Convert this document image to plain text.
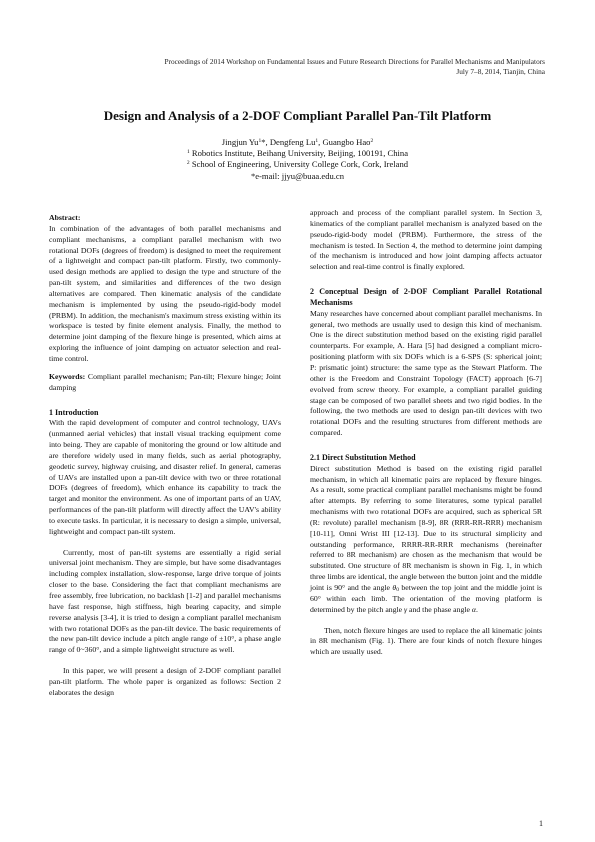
Proceedings of 2014 Workshop on Fundamental Issues and Future Research Directions for Parallel Mechanisms and Manipulators
July 7–8, 2014, Tianjin, China
Design and Analysis of a 2-DOF Compliant Parallel Pan-Tilt Platform
Jingjun Yu$^1$*, Dengfeng Lu$^1$, Guangbo Hao$^2$
$^1$ Robotics Institute, Beihang University, Beijing, 100191, China
$^2$ School of Engineering, University College Cork, Cork, Ireland
*e-mail: jjyu@buaa.edu.cn

Abstract:

In combination of the advantages of both parallel mechanisms and compliant mechanisms, a compliant parallel mechanism with two rotational DOFs (degrees of freedom) is designed to meet the requirement of a lightweight and compact pan-tilt platform. Firstly, two commonly-used design methods are applied to design the type and structure of the pan-tilt system, and similarities and differences of the two design alternatives are compared. Then kinematic analysis of the candidate mechanism is implemented by using the pseudo-rigid-body model (PRBM). In addition, the mechanism's maximum stress existing within its workspace is tested by finite element analysis. Finally, the method to determine joint damping of the flexure hinge is presented, which aims at exploring the influence of joint damping on actuator selection and real-time control.

Keywords: Compliant parallel mechanism; Pan-tilt; Flexure hinge; Joint damping

1 Introduction

With the rapid development of computer and control technology, UAVs (unmanned aerial vehicles) that install visual tracking equipment come into being. They are capable of monitoring the ground or low altitude and are therefore widely used in many fields, such as aerial photography, geodetic survey, highway cruising, and disaster relief. In general, cameras of UAVs are installed upon a pan-tilt device with two or three rotational DOFs (degrees of freedom), which enhance its capability to track the target and monitor the environment. As one of important parts of an UAV, performances of the pan-tilt platform will directly affect the UAV's ability to execute tasks. In particular, it is necessary to design a simple, universal, lightweight and compact pan-tilt system.

Currently, most of pan-tilt systems are essentially a rigid serial universal joint mechanism. They are simple, but have some disadvantages including complex installation, slow-response, large drive torque of joints closer to the base. Considering the fact that compliant mechanisms are free assembly, free lubrication, no backlash [1-2] and parallel mechanisms have fast response, high stiffness, high bearing capacity, and simple reverse analysis [3-4], it is tried to design a compliant parallel mechanism with two rotational DOFs as the pan-tilt device. The basic requirements of the new pan-tilt device include a pitch angle range of ±10°, a phase angle range of 0~360°, and a simple lightweight structure as well.

In this paper, we will present a design of 2-DOF compliant parallel pan-tilt platform. The whole paper is organized as follows: Section 2 elaborates the design

approach and process of the compliant parallel system. In Section 3, kinematics of the compliant parallel mechanism is analyzed based on the pseudo-rigid-body model (PRBM). Furthermore, the stress of the mechanism is tested. In Section 4, the method to determine joint damping of the mechanism is introduced and how joint damping affects actuator selection and real-time control is finally explored.

2 Conceptual Design of 2-DOF Compliant Parallel Rotational Mechanisms

Many researches have concerned about compliant parallel mechanisms. In general, two methods are usually used to design this kind of mechanism. One is the direct substitution method based on the existing rigid parallel counterparts. For example, A. Hara [5] had designed a compliant micro-positioning platform with six DOFs which is a 6-SPS (S: spherical joint; P: prismatic joint) structure: the same type as the Stewart Platform. The other is the Freedom and Constraint Topology (FACT) approach [6-7] evolved from screw theory. For example, a compliant parallel guiding stage can be composed of two parallel sheets and two rigid bodies. In the following, the two methods are used to design pan-tilt devices with two rotational DOFs and the resulting structures from different methods are compared.

2.1 Direct Substitution Method

Direct substitution Method is based on the existing rigid parallel mechanism, in which all kinematic pairs are replaced by flexure hinges. As a result, some practical compliant parallel mechanisms might be found after attempts. By referring to some literatures, some typical parallel mechanisms with two rotational DOFs are acquired, such as spherical 5R (R: revolute) parallel mechanism [8-9], 8R (RRR-RR-RRR) mechanism [10-11], Omni Wrist III [12-13]. Due to its structural simplicity and outstanding performance, RRRR-RR-RRR mechanisms (hereinafter referred to 8R mechanism) are chosen as the mechanism that would be substituted. One structure of 8R mechanism is shown in Fig. 1, in which three limbs are identical, the angle between the button joint and the middle joint is 90° and the angle $\theta_0$ between the top joint and the middle joint is 60° within each limb. The orientation of the moving platform is determined by the pitch angle γ and the phase angle α.

Then, notch flexure hinges are used to replace the all kinematic joints in 8R mechanism (Fig. 1). There are four kinds of notch flexure hinges which are usually used.

1
